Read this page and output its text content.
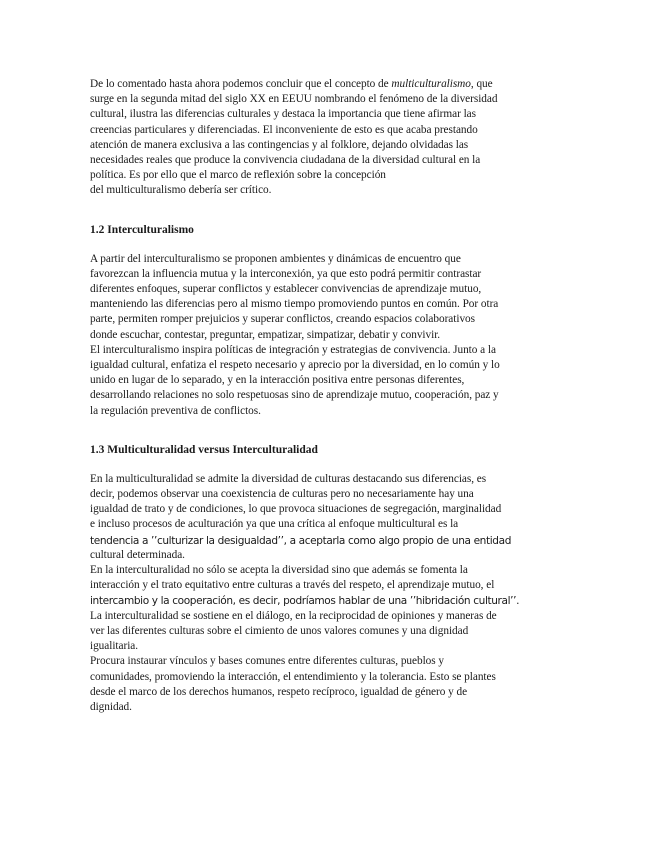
De lo comentado hasta ahora podemos concluir que el concepto de multiculturalismo, que
surge en la segunda mitad del siglo XX en EEUU nombrando el fenómeno de la diversidad
cultural, ilustra las diferencias culturales y destaca la importancia que tiene afirmar las
creencias particulares y diferenciadas. El inconveniente de esto es que acaba prestando
atención de manera exclusiva a las contingencias y al folklore, dejando olvidadas las
necesidades reales que produce la convivencia ciudadana de la diversidad cultural en la
política. Es por ello que el marco de reflexión sobre la concepción
del multiculturalismo debería ser crítico.
1.2 Interculturalismo
A partir del interculturalismo se proponen ambientes y dinámicas de encuentro que
favorezcan la influencia mutua y la interconexión, ya que esto podrá permitir contrastar
diferentes enfoques, superar conflictos y establecer convivencias de aprendizaje mutuo,
manteniendo las diferencias pero al mismo tiempo promoviendo puntos en común. Por otra
parte, permiten romper prejuicios y superar conflictos, creando espacios colaborativos
donde escuchar, contestar, preguntar, empatizar, simpatizar, debatir y convivir.
El interculturalismo inspira políticas de integración y estrategias de convivencia. Junto a la
igualdad cultural, enfatiza el respeto necesario y aprecio por la diversidad, en lo común y lo
unido en lugar de lo separado, y en la interacción positiva entre personas diferentes,
desarrollando relaciones no solo respetuosas sino de aprendizaje mutuo, cooperación, paz y
la regulación preventiva de conflictos.
1.3 Multiculturalidad versus Interculturalidad
En la multiculturalidad se admite la diversidad de culturas destacando sus diferencias, es
decir, podemos observar una coexistencia de culturas pero no necesariamente hay una
igualdad de trato y de condiciones, lo que provoca situaciones de segregación, marginalidad
e incluso procesos de aculturación ya que una crítica al enfoque multicultural es la
tendencia a ’’culturizar la desigualdad’’, a aceptarla como algo propio de una entidad
cultural determinada.
En la interculturalidad no sólo se acepta la diversidad sino que además se fomenta la
interacción y el trato equitativo entre culturas a través del respeto, el aprendizaje mutuo, el
intercambio y la cooperación, es decir, podríamos hablar de una ’’hibridación cultural’’.
La interculturalidad se sostiene en el diálogo, en la reciprocidad de opiniones y maneras de
ver las diferentes culturas sobre el cimiento de unos valores comunes y una dignidad
igualitaria.
Procura instaurar vínculos y bases comunes entre diferentes culturas, pueblos y
comunidades, promoviendo la interacción, el entendimiento y la tolerancia. Esto se plantes
desde el marco de los derechos humanos, respeto recíproco, igualdad de género y de
dignidad.
